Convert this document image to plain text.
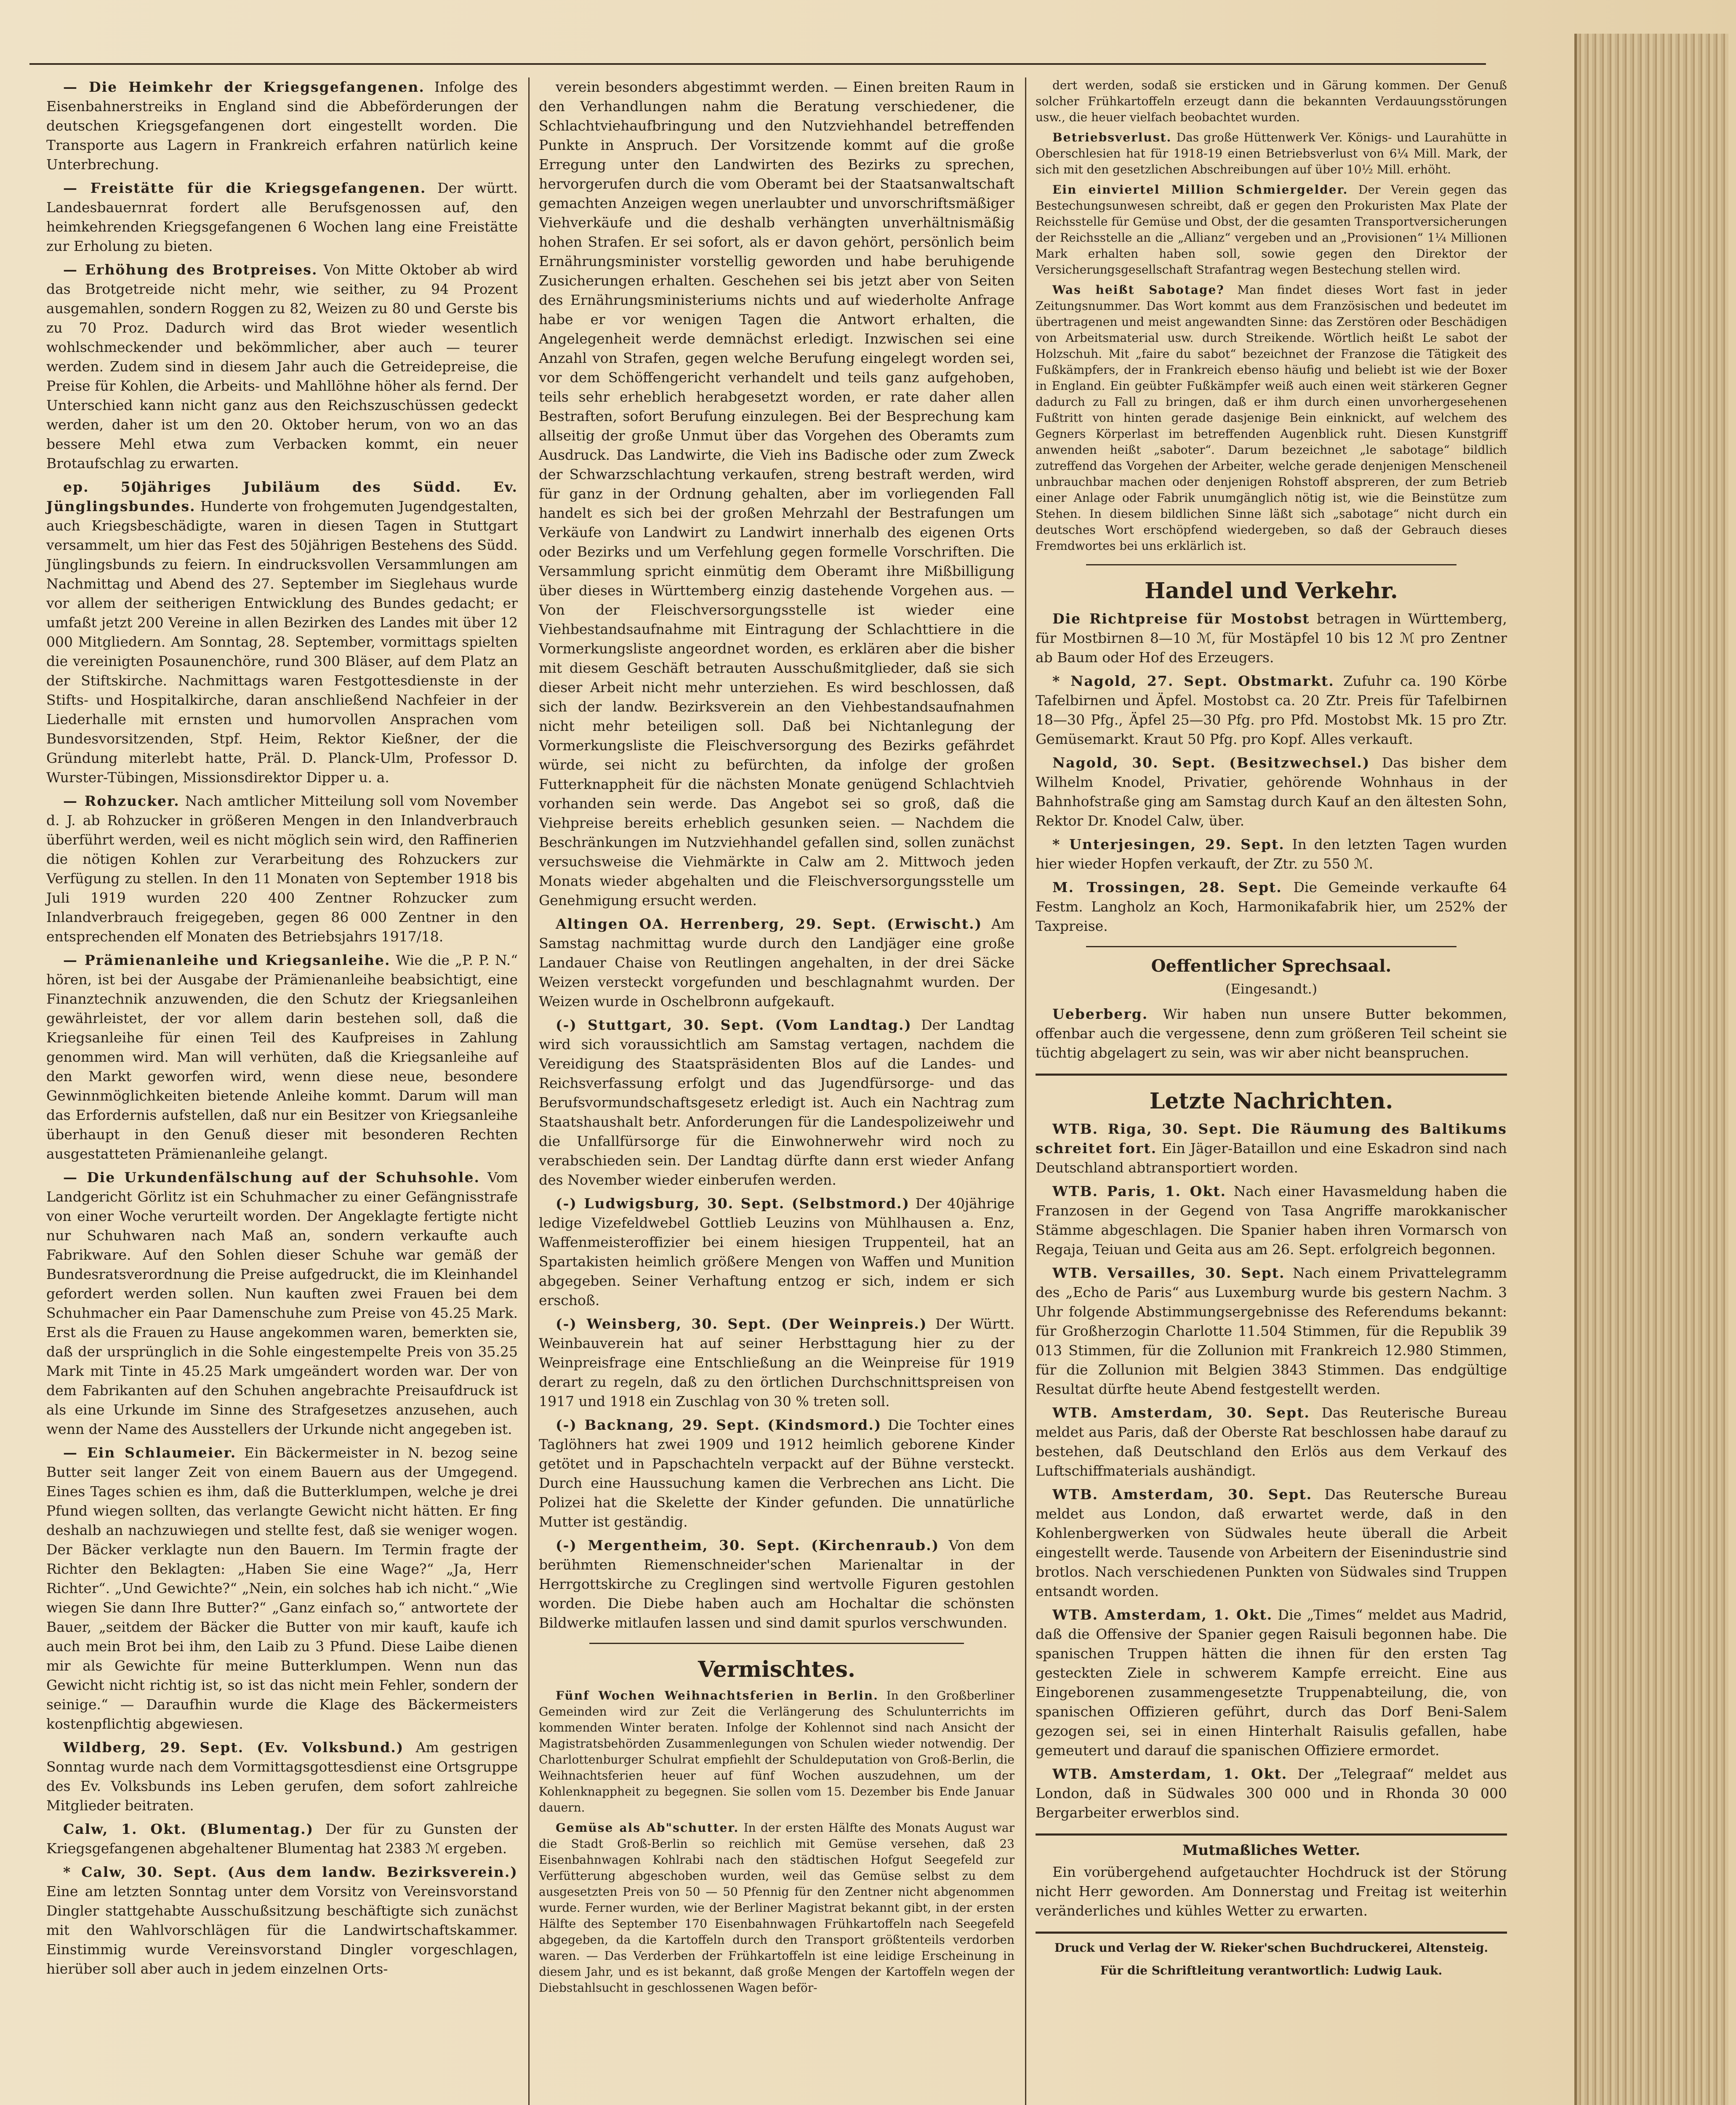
— Die Heimkehr der Kriegsgefangenen. Infolge des Eisenbahnerstreiks in England sind die Abbeförderungen der deutschen Kriegsgefangenen dort eingestellt worden. Die Transporte aus Lagern in Frankreich erfahren natürlich keine Unterbrechung.

— Freistätte für die Kriegsgefangenen. Der württ. Landesbauernrat fordert alle Berufsgenossen auf, den heimkehrenden Kriegsgefangenen 6 Wochen lang eine Freistätte zur Erholung zu bieten.

— Erhöhung des Brotpreises. Von Mitte Oktober ab wird das Brotgetreide nicht mehr, wie seither, zu 94 Prozent ausgemahlen, sondern Roggen zu 82, Weizen zu 80 und Gerste bis zu 70 Proz. Dadurch wird das Brot wieder wesentlich wohlschmeckender und bekömmlicher, aber auch — teurer werden. Zudem sind in diesem Jahr auch die Getreidepreise, die Preise für Kohlen, die Arbeits- und Mahllöhne höher als fernd. Der Unterschied kann nicht ganz aus den Reichszuschüssen gedeckt werden, daher ist um den 20. Oktober herum, von wo an das bessere Mehl etwa zum Verbacken kommt, ein neuer Brotaufschlag zu erwarten.

ep. 50jähriges Jubiläum des Südd. Ev. Jünglingsbundes. Hunderte von frohgemuten Jugendgestalten, auch Kriegsbeschädigte, waren in diesen Tagen in Stuttgart versammelt, um hier das Fest des 50jährigen Bestehens des Südd. Jünglingsbunds zu feiern. In eindrucksvollen Versammlungen am Nachmittag und Abend des 27. September im Sieglehaus wurde vor allem der seitherigen Entwicklung des Bundes gedacht; er umfaßt jetzt 200 Vereine in allen Bezirken des Landes mit über 12 000 Mitgliedern. Am Sonntag, 28. September, vormittags spielten die vereinigten Posaunenchöre, rund 300 Bläser, auf dem Platz an der Stiftskirche. Nachmittags waren Festgottesdienste in der Stifts- und Hospitalkirche, daran anschließend Nachfeier in der Liederhalle mit ernsten und humorvollen Ansprachen vom Bundesvorsitzenden, Stpf. Heim, Rektor Kießner, der die Gründung miterlebt hatte, Präl. D. Planck-Ulm, Professor D. Wurster-Tübingen, Missionsdirektor Dipper u. a.

— Rohzucker. Nach amtlicher Mitteilung soll vom November d. J. ab Rohzucker in größeren Mengen in den Inlandverbrauch überführt werden, weil es nicht möglich sein wird, den Raffinerien die nötigen Kohlen zur Verarbeitung des Rohzuckers zur Verfügung zu stellen. In den 11 Monaten von September 1918 bis Juli 1919 wurden 220 400 Zentner Rohzucker zum Inlandverbrauch freigegeben, gegen 86 000 Zentner in den entsprechenden elf Monaten des Betriebsjahrs 1917/18.

— Prämienanleihe und Kriegsanleihe. Wie die „P. P. N.“ hören, ist bei der Ausgabe der Prämienanleihe beabsichtigt, eine Finanztechnik anzuwenden, die den Schutz der Kriegsanleihen gewährleistet, der vor allem darin bestehen soll, daß die Kriegsanleihe für einen Teil des Kaufpreises in Zahlung genommen wird. Man will verhüten, daß die Kriegsanleihe auf den Markt geworfen wird, wenn diese neue, besondere Gewinnmöglichkeiten bietende Anleihe kommt. Darum will man das Erfordernis aufstellen, daß nur ein Besitzer von Kriegsanleihe überhaupt in den Genuß dieser mit besonderen Rechten ausgestatteten Prämienanleihe gelangt.

— Die Urkundenfälschung auf der Schuhsohle. Vom Landgericht Görlitz ist ein Schuhmacher zu einer Gefängnisstrafe von einer Woche verurteilt worden. Der Angeklagte fertigte nicht nur Schuhwaren nach Maß an, sondern verkaufte auch Fabrikware. Auf den Sohlen dieser Schuhe war gemäß der Bundesratsverordnung die Preise aufgedruckt, die im Kleinhandel gefordert werden sollen. Nun kauften zwei Frauen bei dem Schuhmacher ein Paar Damenschuhe zum Preise von 45.25 Mark. Erst als die Frauen zu Hause angekommen waren, bemerkten sie, daß der ursprünglich in die Sohle eingestempelte Preis von 35.25 Mark mit Tinte in 45.25 Mark umgeändert worden war. Der von dem Fabrikanten auf den Schuhen angebrachte Preisaufdruck ist als eine Urkunde im Sinne des Strafgesetzes anzusehen, auch wenn der Name des Ausstellers der Urkunde nicht angegeben ist.

— Ein Schlaumeier. Ein Bäckermeister in N. bezog seine Butter seit langer Zeit von einem Bauern aus der Umgegend. Eines Tages schien es ihm, daß die Butterklumpen, welche je drei Pfund wiegen sollten, das verlangte Gewicht nicht hätten. Er fing deshalb an nachzuwiegen und stellte fest, daß sie weniger wogen. Der Bäcker verklagte nun den Bauern. Im Termin fragte der Richter den Beklagten: „Haben Sie eine Wage?“ „Ja, Herr Richter“. „Und Gewichte?“ „Nein, ein solches hab ich nicht.“ „Wie wiegen Sie dann Ihre Butter?“ „Ganz einfach so,“ antwortete der Bauer, „seitdem der Bäcker die Butter von mir kauft, kaufe ich auch mein Brot bei ihm, den Laib zu 3 Pfund. Diese Laibe dienen mir als Gewichte für meine Butterklumpen. Wenn nun das Gewicht nicht richtig ist, so ist das nicht mein Fehler, sondern der seinige.“ — Daraufhin wurde die Klage des Bäckermeisters kostenpflichtig abgewiesen.

Wildberg, 29. Sept. (Ev. Volksbund.) Am gestrigen Sonntag wurde nach dem Vormittagsgottesdienst eine Ortsgruppe des Ev. Volksbunds ins Leben gerufen, dem sofort zahlreiche Mitglieder beitraten.

Calw, 1. Okt. (Blumentag.) Der für zu Gunsten der Kriegsgefangenen abgehaltener Blumentag hat 2383 ℳ ergeben.

* Calw, 30. Sept. (Aus dem landw. Bezirksverein.) Eine am letzten Sonntag unter dem Vorsitz von Vereinsvorstand Dingler stattgehabte Ausschußsitzung beschäftigte sich zunächst mit den Wahlvorschlägen für die Landwirtschaftskammer. Einstimmig wurde Vereinsvorstand Dingler vorgeschlagen, hierüber soll aber auch in jedem einzelnen Orts-

verein besonders abgestimmt werden. — Einen breiten Raum in den Verhandlungen nahm die Beratung verschiedener, die Schlachtviehaufbringung und den Nutzviehhandel betreffenden Punkte in Anspruch. Der Vorsitzende kommt auf die große Erregung unter den Landwirten des Bezirks zu sprechen, hervorgerufen durch die vom Oberamt bei der Staatsanwaltschaft gemachten Anzeigen wegen unerlaubter und unvorschriftsmäßiger Viehverkäufe und die deshalb verhängten unverhältnismäßig hohen Strafen. Er sei sofort, als er davon gehört, persönlich beim Ernährungsminister vorstellig geworden und habe beruhigende Zusicherungen erhalten. Geschehen sei bis jetzt aber von Seiten des Ernährungsministeriums nichts und auf wiederholte Anfrage habe er vor wenigen Tagen die Antwort erhalten, die Angelegenheit werde demnächst erledigt. Inzwischen sei eine Anzahl von Strafen, gegen welche Berufung eingelegt worden sei, vor dem Schöffengericht verhandelt und teils ganz aufgehoben, teils sehr erheblich herabgesetzt worden, er rate daher allen Bestraften, sofort Berufung einzulegen. Bei der Besprechung kam allseitig der große Unmut über das Vorgehen des Oberamts zum Ausdruck. Das Landwirte, die Vieh ins Badische oder zum Zweck der Schwarzschlachtung verkaufen, streng bestraft werden, wird für ganz in der Ordnung gehalten, aber im vorliegenden Fall handelt es sich bei der großen Mehrzahl der Bestrafungen um Verkäufe von Landwirt zu Landwirt innerhalb des eigenen Orts oder Bezirks und um Verfehlung gegen formelle Vorschriften. Die Versammlung spricht einmütig dem Oberamt ihre Mißbilligung über dieses in Württemberg einzig dastehende Vorgehen aus. — Von der Fleischversorgungsstelle ist wieder eine Viehbestandsaufnahme mit Eintragung der Schlachttiere in die Vormerkungsliste angeordnet worden, es erklären aber die bisher mit diesem Geschäft betrauten Ausschußmitglieder, daß sie sich dieser Arbeit nicht mehr unterziehen. Es wird beschlossen, daß sich der landw. Bezirksverein an den Viehbestandsaufnahmen nicht mehr beteiligen soll. Daß bei Nichtanlegung der Vormerkungsliste die Fleischversorgung des Bezirks gefährdet würde, sei nicht zu befürchten, da infolge der großen Futterknappheit für die nächsten Monate genügend Schlachtvieh vorhanden sein werde. Das Angebot sei so groß, daß die Viehpreise bereits erheblich gesunken seien. — Nachdem die Beschränkungen im Nutzviehhandel gefallen sind, sollen zunächst versuchsweise die Viehmärkte in Calw am 2. Mittwoch jeden Monats wieder abgehalten und die Fleischversorgungsstelle um Genehmigung ersucht werden.

Altingen OA. Herrenberg, 29. Sept. (Erwischt.) Am Samstag nachmittag wurde durch den Landjäger eine große Landauer Chaise von Reutlingen angehalten, in der drei Säcke Weizen versteckt vorgefunden und beschlagnahmt wurden. Der Weizen wurde in Oschelbronn aufgekauft.

(-) Stuttgart, 30. Sept. (Vom Landtag.) Der Landtag wird sich voraussichtlich am Samstag vertagen, nachdem die Vereidigung des Staatspräsidenten Blos auf die Landes- und Reichsverfassung erfolgt und das Jugendfürsorge- und das Berufsvormundschaftsgesetz erledigt ist. Auch ein Nachtrag zum Staatshaushalt betr. Anforderungen für die Landespolizeiwehr und die Unfallfürsorge für die Einwohnerwehr wird noch zu verabschieden sein. Der Landtag dürfte dann erst wieder Anfang des November wieder einberufen werden.

(-) Ludwigsburg, 30. Sept. (Selbstmord.) Der 40jährige ledige Vizefeldwebel Gottlieb Leuzins von Mühlhausen a. Enz, Waffenmeisteroffizier bei einem hiesigen Truppenteil, hat an Spartakisten heimlich größere Mengen von Waffen und Munition abgegeben. Seiner Verhaftung entzog er sich, indem er sich erschoß.

(-) Weinsberg, 30. Sept. (Der Weinpreis.) Der Württ. Weinbauverein hat auf seiner Herbsttagung hier zu der Weinpreisfrage eine Entschließung an die Weinpreise für 1919 derart zu regeln, daß zu den örtlichen Durchschnittspreisen von 1917 und 1918 ein Zuschlag von 30 % treten soll.

(-) Backnang, 29. Sept. (Kindsmord.) Die Tochter eines Taglöhners hat zwei 1909 und 1912 heimlich geborene Kinder getötet und in Papschachteln verpackt auf der Bühne versteckt. Durch eine Haussuchung kamen die Verbrechen ans Licht. Die Polizei hat die Skelette der Kinder gefunden. Die unnatürliche Mutter ist geständig.

(-) Mergentheim, 30. Sept. (Kirchenraub.) Von dem berühmten Riemenschneider'schen Marienaltar in der Herrgottskirche zu Creglingen sind wertvolle Figuren gestohlen worden. Die Diebe haben auch am Hochaltar die schönsten Bildwerke mitlaufen lassen und sind damit spurlos verschwunden.

Vermischtes.

Fünf Wochen Weihnachtsferien in Berlin. In den Großberliner Gemeinden wird zur Zeit die Verlängerung des Schulunterrichts im kommenden Winter beraten. Infolge der Kohlennot sind nach Ansicht der Magistratsbehörden Zusammenlegungen von Schulen wieder notwendig. Der Charlottenburger Schulrat empfiehlt der Schuldeputation von Groß-Berlin, die Weihnachtsferien heuer auf fünf Wochen auszudehnen, um der Kohlenknappheit zu begegnen. Sie sollen vom 15. Dezember bis Ende Januar dauern.

Gemüse als Ab"schutter. In der ersten Hälfte des Monats August war die Stadt Groß-Berlin so reichlich mit Gemüse versehen, daß 23 Eisenbahnwagen Kohlrabi nach den städtischen Hofgut Seegefeld zur Verfütterung abgeschoben wurden, weil das Gemüse selbst zu dem ausgesetzten Preis von 50 — 50 Pfennig für den Zentner nicht abgenommen wurde. Ferner wurden, wie der Berliner Magistrat bekannt gibt, in der ersten Hälfte des September 170 Eisenbahnwagen Frühkartoffeln nach Seegefeld abgegeben, da die Kartoffeln durch den Transport größtenteils verdorben waren. — Das Verderben der Frühkartoffeln ist eine leidige Erscheinung in diesem Jahr, und es ist bekannt, daß große Mengen der Kartoffeln wegen der Diebstahlsucht in geschlossenen Wagen beför-

dert werden, sodaß sie ersticken und in Gärung kommen. Der Genuß solcher Frühkartoffeln erzeugt dann die bekannten Verdauungsstörungen usw., die heuer vielfach beobachtet wurden.

Betriebsverlust. Das große Hüttenwerk Ver. Königs- und Laurahütte in Oberschlesien hat für 1918-19 einen Betriebsverlust von 6¼ Mill. Mark, der sich mit den gesetzlichen Abschreibungen auf über 10½ Mill. erhöht.

Ein einviertel Million Schmiergelder. Der Verein gegen das Bestechungsunwesen schreibt, daß er gegen den Prokuristen Max Plate der Reichsstelle für Gemüse und Obst, der die gesamten Transportversicherungen der Reichsstelle an die „Allianz“ vergeben und an „Provisionen“ 1¼ Millionen Mark erhalten haben soll, sowie gegen den Direktor der Versicherungsgesellschaft Strafantrag wegen Bestechung stellen wird.

Was heißt Sabotage? Man findet dieses Wort fast in jeder Zeitungsnummer. Das Wort kommt aus dem Französischen und bedeutet im übertragenen und meist angewandten Sinne: das Zerstören oder Beschädigen von Arbeitsmaterial usw. durch Streikende. Wörtlich heißt Le sabot der Holzschuh. Mit „faire du sabot“ bezeichnet der Franzose die Tätigkeit des Fußkämpfers, der in Frankreich ebenso häufig und beliebt ist wie der Boxer in England. Ein geübter Fußkämpfer weiß auch einen weit stärkeren Gegner dadurch zu Fall zu bringen, daß er ihm durch einen unvorhergesehenen Fußtritt von hinten gerade dasjenige Bein einknickt, auf welchem des Gegners Körperlast im betreffenden Augenblick ruht. Diesen Kunstgriff anwenden heißt „saboter“. Darum bezeichnet „le sabotage“ bildlich zutreffend das Vorgehen der Arbeiter, welche gerade denjenigen Menscheneil unbrauchbar machen oder denjenigen Rohstoff abspreren, der zum Betrieb einer Anlage oder Fabrik unumgänglich nötig ist, wie die Beinstütze zum Stehen. In diesem bildlichen Sinne läßt sich „sabotage“ nicht durch ein deutsches Wort erschöpfend wiedergeben, so daß der Gebrauch dieses Fremdwortes bei uns erklärlich ist.

Handel und Verkehr.

Die Richtpreise für Mostobst betragen in Württemberg, für Mostbirnen 8—10 ℳ, für Mostäpfel 10 bis 12 ℳ pro Zentner ab Baum oder Hof des Erzeugers.

* Nagold, 27. Sept. Obstmarkt. Zufuhr ca. 190 Körbe Tafelbirnen und Äpfel. Mostobst ca. 20 Ztr. Preis für Tafelbirnen 18—30 Pfg., Äpfel 25—30 Pfg. pro Pfd. Mostobst Mk. 15 pro Ztr. Gemüsemarkt. Kraut 50 Pfg. pro Kopf. Alles verkauft.

Nagold, 30. Sept. (Besitzwechsel.) Das bisher dem Wilhelm Knodel, Privatier, gehörende Wohnhaus in der Bahnhofstraße ging am Samstag durch Kauf an den ältesten Sohn, Rektor Dr. Knodel Calw, über.

* Unterjesingen, 29. Sept. In den letzten Tagen wurden hier wieder Hopfen verkauft, der Ztr. zu 550 ℳ.

M. Trossingen, 28. Sept. Die Gemeinde verkaufte 64 Festm. Langholz an Koch, Harmonikafabrik hier, um 252% der Taxpreise.

Oeffentlicher Sprechsaal.
(Eingesandt.)

Ueberberg. Wir haben nun unsere Butter bekommen, offenbar auch die vergessene, denn zum größeren Teil scheint sie tüchtig abgelagert zu sein, was wir aber nicht beanspruchen.

Letzte Nachrichten.

WTB. Riga, 30. Sept. Die Räumung des Baltikums schreitet fort. Ein Jäger-Bataillon und eine Eskadron sind nach Deutschland abtransportiert worden.

WTB. Paris, 1. Okt. Nach einer Havasmeldung haben die Franzosen in der Gegend von Tasa Angriffe marokkanischer Stämme abgeschlagen. Die Spanier haben ihren Vormarsch von Regaja, Teiuan und Geita aus am 26. Sept. erfolgreich begonnen.

WTB. Versailles, 30. Sept. Nach einem Privattelegramm des „Echo de Paris“ aus Luxemburg wurde bis gestern Nachm. 3 Uhr folgende Abstimmungsergebnisse des Referendums bekannt: für Großherzogin Charlotte 11.504 Stimmen, für die Republik 39 013 Stimmen, für die Zollunion mit Frankreich 12.980 Stimmen, für die Zollunion mit Belgien 3843 Stimmen. Das endgültige Resultat dürfte heute Abend festgestellt werden.

WTB. Amsterdam, 30. Sept. Das Reuterische Bureau meldet aus Paris, daß der Oberste Rat beschlossen habe darauf zu bestehen, daß Deutschland den Erlös aus dem Verkauf des Luftschiffmaterials aushändigt.

WTB. Amsterdam, 30. Sept. Das Reutersche Bureau meldet aus London, daß erwartet werde, daß in den Kohlenbergwerken von Südwales heute überall die Arbeit eingestellt werde. Tausende von Arbeitern der Eisenindustrie sind brotlos. Nach verschiedenen Punkten von Südwales sind Truppen entsandt worden.

WTB. Amsterdam, 1. Okt. Die „Times“ meldet aus Madrid, daß die Offensive der Spanier gegen Raisuli begonnen habe. Die spanischen Truppen hätten die ihnen für den ersten Tag gesteckten Ziele in schwerem Kampfe erreicht. Eine aus Eingeborenen zusammengesetzte Truppenabteilung, die, von spanischen Offizieren geführt, durch das Dorf Beni-Salem gezogen sei, sei in einen Hinterhalt Raisulis gefallen, habe gemeutert und darauf die spanischen Offiziere ermordet.

WTB. Amsterdam, 1. Okt. Der „Telegraaf“ meldet aus London, daß in Südwales 300 000 und in Rhonda 30 000 Bergarbeiter erwerblos sind.

Mutmaßliches Wetter.

Ein vorübergehend aufgetauchter Hochdruck ist der Störung nicht Herr geworden. Am Donnerstag und Freitag ist weiterhin veränderliches und kühles Wetter zu erwarten.

Druck und Verlag der W. Rieker'schen Buchdruckerei, Altensteig.
Für die Schriftleitung verantwortlich: Ludwig Lauk.
